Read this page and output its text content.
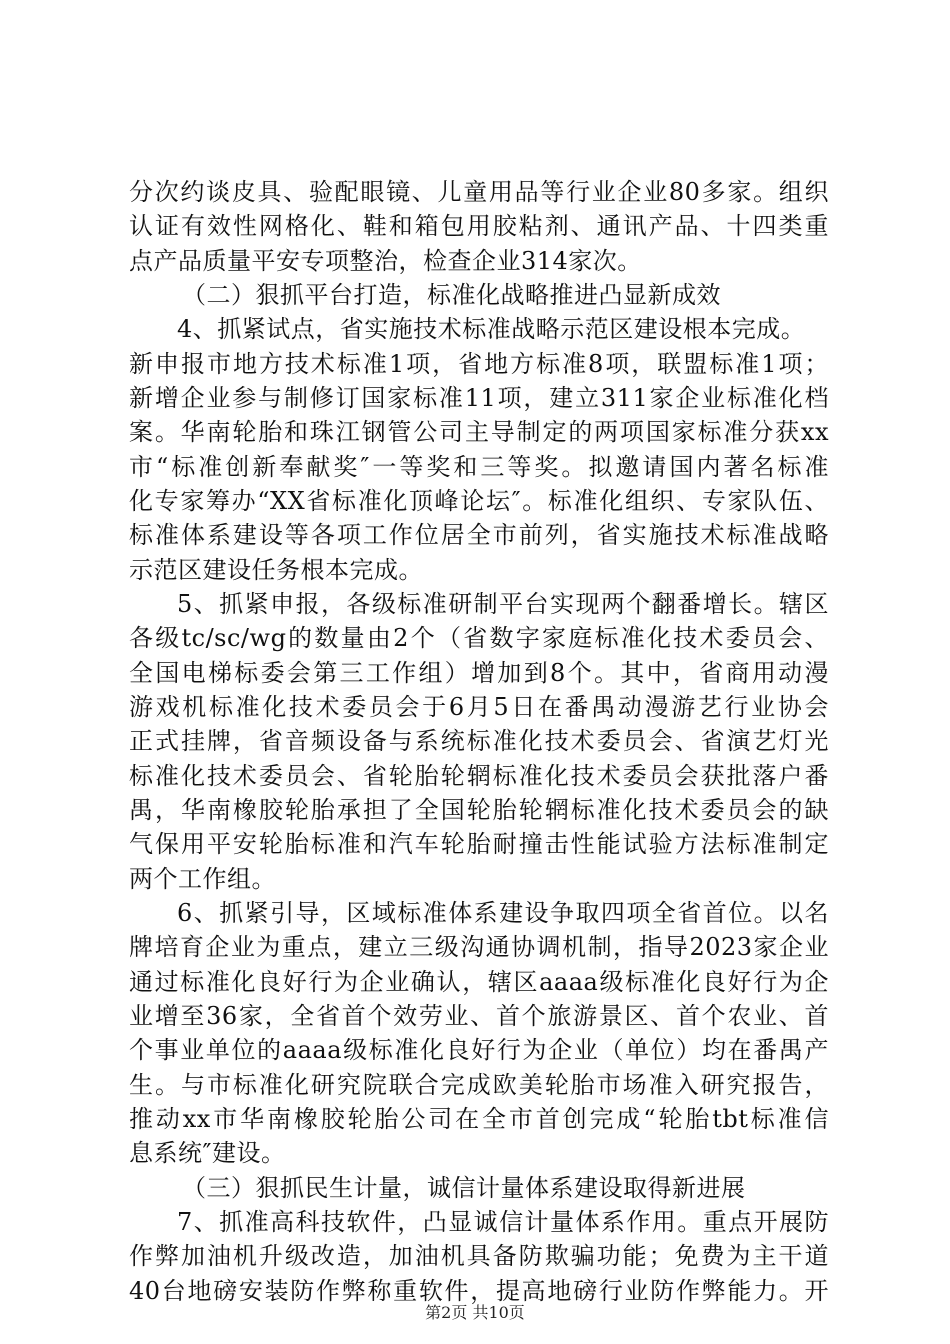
分次约谈皮具、验配眼镜、儿童用品等行业企业80多家。组织
认证有效性网格化、鞋和箱包用胶粘剂、通讯产品、十四类重
点产品质量平安专项整治，检查企业314家次。
（二）狠抓平台打造，标准化战略推进凸显新成效
4、抓紧试点，省实施技术标准战略示范区建设根本完成。
新申报市地方技术标准1项，省地方标准8项，联盟标准1项；
新增企业参与制修订国家标准11项，建立311家企业标准化档
案。华南轮胎和珠江钢管公司主导制定的两项国家标准分获xx
市“标准创新奉献奖″一等奖和三等奖。拟邀请国内著名标准
化专家筹办“XX省标准化顶峰论坛″。标准化组织、专家队伍、
标准体系建设等各项工作位居全市前列，省实施技术标准战略
示范区建设任务根本完成。
5、抓紧申报，各级标准研制平台实现两个翻番增长。辖区
各级tc/sc/wg的数量由2个（省数字家庭标准化技术委员会、
全国电梯标委会第三工作组）增加到8个。其中，省商用动漫
游戏机标准化技术委员会于6月5日在番禺动漫游艺行业协会
正式挂牌，省音频设备与系统标准化技术委员会、省演艺灯光
标准化技术委员会、省轮胎轮辋标准化技术委员会获批落户番
禺，华南橡胶轮胎承担了全国轮胎轮辋标准化技术委员会的缺
气保用平安轮胎标准和汽车轮胎耐撞击性能试验方法标准制定
两个工作组。
6、抓紧引导，区域标准体系建设争取四项全省首位。以名
牌培育企业为重点，建立三级沟通协调机制，指导2023家企业
通过标准化良好行为企业确认，辖区aaaa级标准化良好行为企
业增至36家，全省首个效劳业、首个旅游景区、首个农业、首
个事业单位的aaaa级标准化良好行为企业（单位）均在番禺产
生。与市标准化研究院联合完成欧美轮胎市场准入研究报告，
推动xx市华南橡胶轮胎公司在全市首创完成“轮胎tbt标准信
息系统″建设。
（三）狠抓民生计量，诚信计量体系建设取得新进展
7、抓准高科技软件，凸显诚信计量体系作用。重点开展防
作弊加油机升级改造，加油机具备防欺骗功能；免费为主干道
40台地磅安装防作弊称重软件，提高地磅行业防作弊能力。开
第2页 共10页
